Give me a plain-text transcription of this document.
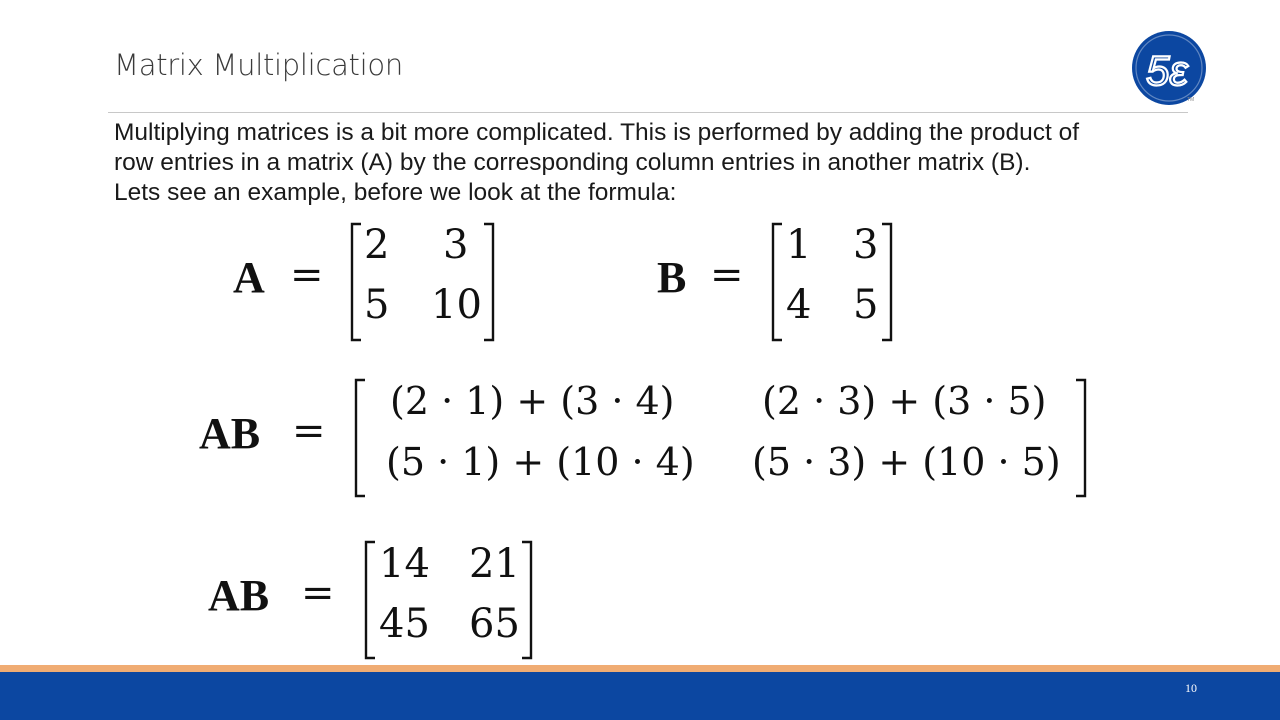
Matrix Multiplication	5ε
TM
Multiplying matrices is a bit more complicated. This is performed by adding the product of
row entries in a matrix (A) by the corresponding column entries in another matrix (B).
Lets see an example, before we look at the formula:
A =
2 3
5 10
B =
1 3
4 5
AB =
(2 · 1) + (3 · 4) (2 · 3) + (3 · 5)
(5 · 1) + (10 · 4) (5 · 3) + (10 · 5)
AB =
14 21
45 65
10
